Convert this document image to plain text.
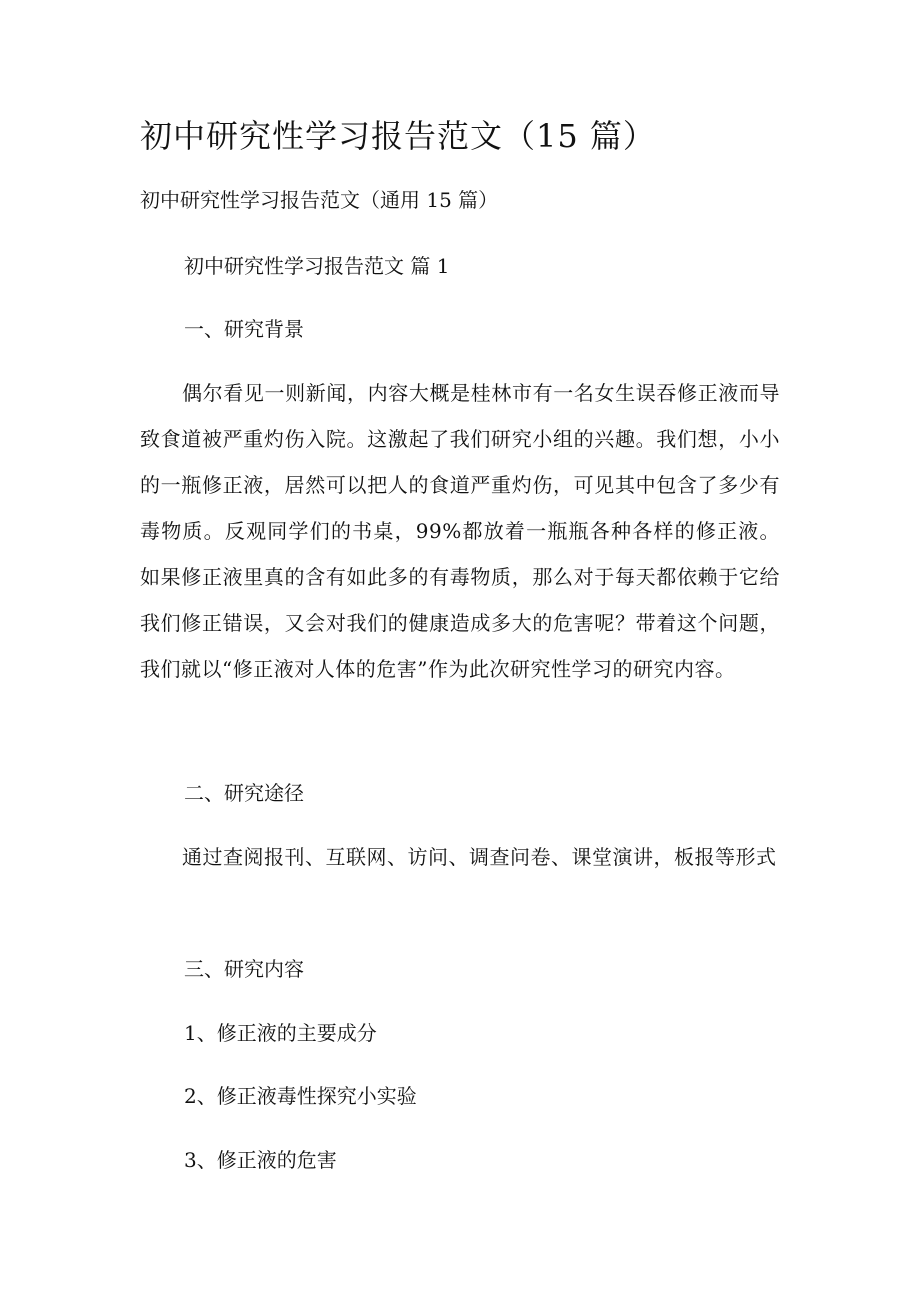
初中研究性学习报告范文（15 篇）
初中研究性学习报告范文（通用 15 篇）
初中研究性学习报告范文 篇 1
一、研究背景
偶尔看见一则新闻，内容大概是桂林市有一名女生误吞修正液而导致食道被严重灼伤入院。这激起了我们研究小组的兴趣。我们想，小小的一瓶修正液，居然可以把人的食道严重灼伤，可见其中包含了多少有毒物质。反观同学们的书桌，99%都放着一瓶瓶各种各样的修正液。如果修正液里真的含有如此多的有毒物质，那么对于每天都依赖于它给我们修正错误，又会对我们的健康造成多大的危害呢？带着这个问题，我们就以“修正液对人体的危害”作为此次研究性学习的研究内容。
二、研究途径
通过查阅报刊、互联网、访问、调查问卷、课堂演讲，板报等形式
三、研究内容
1、修正液的主要成分
2、修正液毒性探究小实验
3、修正液的危害
